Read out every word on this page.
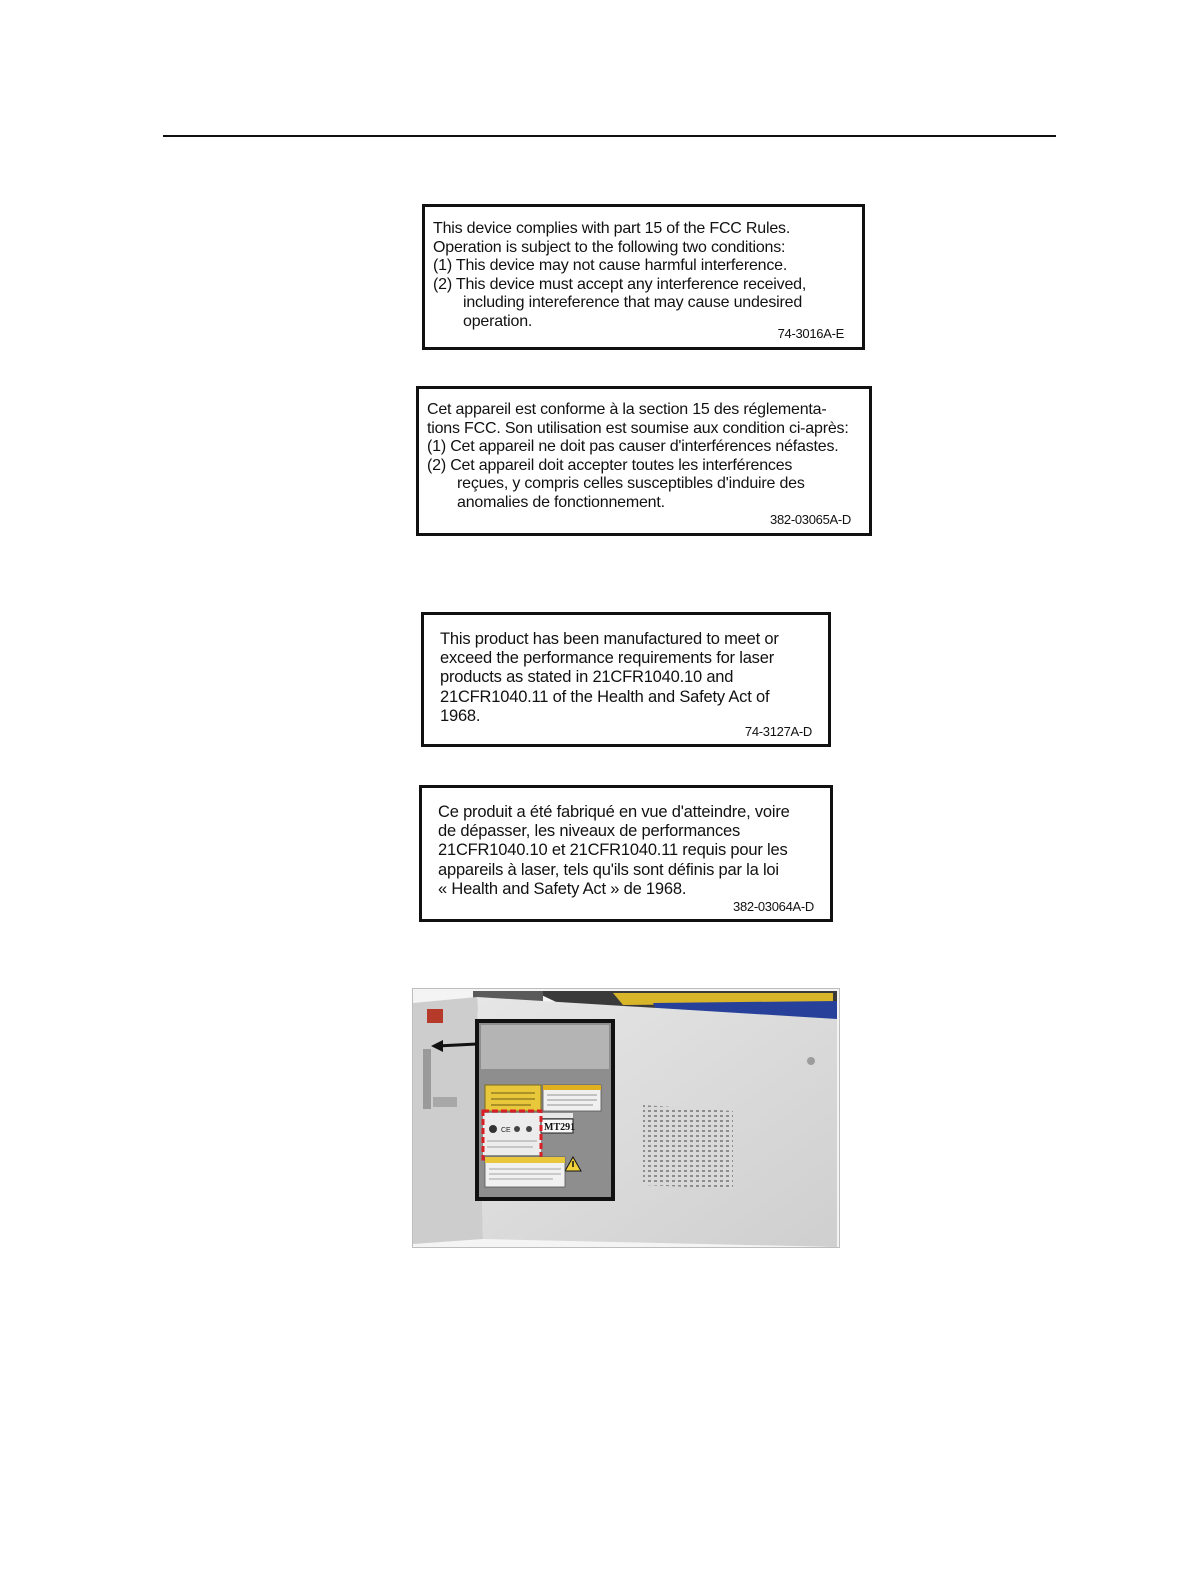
This device complies with part 15 of the FCC Rules.
Operation is subject to the following two conditions:
(1) This device may not cause harmful interference.
(2) This device must accept any interference received,
including intereference that may cause undesired
operation.
74-3016A-E
Cet appareil est conforme à la section 15 des réglementa-
tions FCC. Son utilisation est soumise aux condition ci-après:
(1) Cet appareil ne doit pas causer d'interférences néfastes.
(2) Cet appareil doit accepter toutes les interférences
reçues, y compris celles susceptibles d'induire des
anomalies de fonctionnement.
382-03065A-D
This product has been manufactured to meet or
exceed the performance requirements for laser
products as stated in 21CFR1040.10 and
21CFR1040.11 of the Health and Safety Act of
1968.
74-3127A-D
Ce produit a été fabriqué en vue d'atteindre, voire
de dépasser, les niveaux de performances
21CFR1040.10 et 21CFR1040.11 requis pour les
appareils à laser, tels qu'ils sont définis par la loi
« Health and Safety Act » de 1968.
382-03064A-D
CE	MT291
